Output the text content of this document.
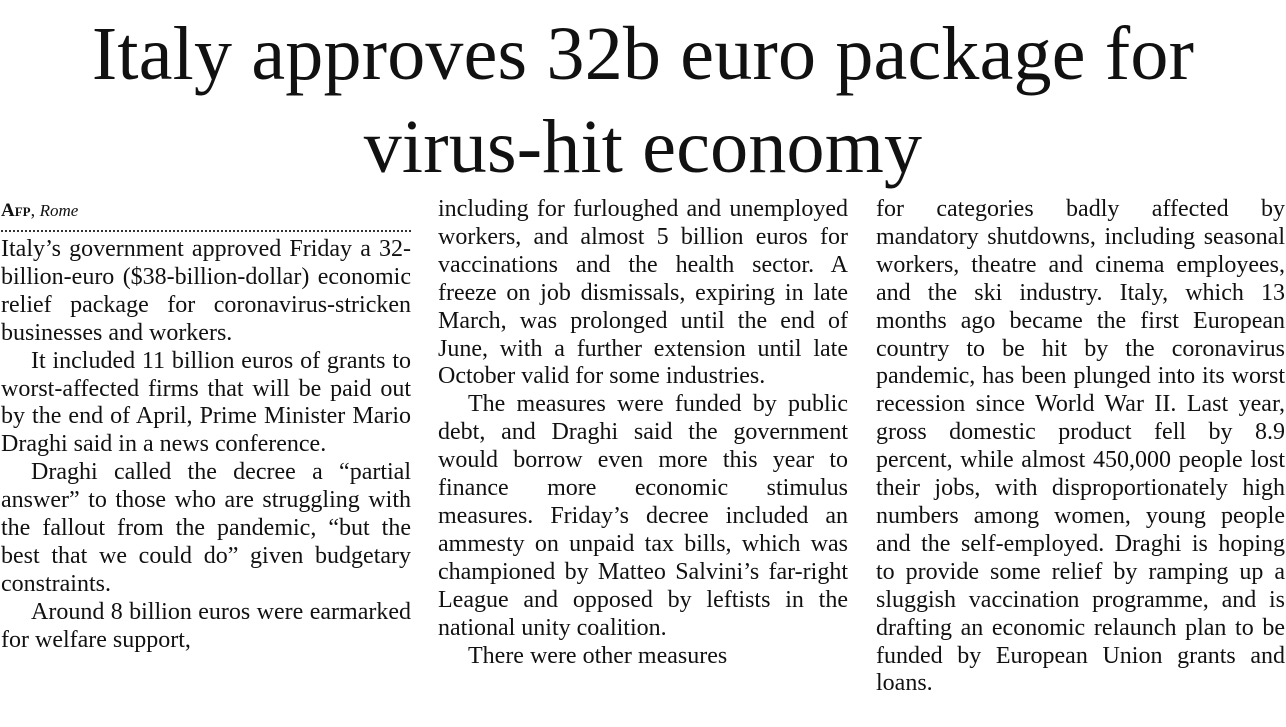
Italy approves 32b euro package for virus-hit economy
Afp, Rome

Italy’s government approved Friday a 32-billion-euro ($38-billion-dollar) economic relief package for coronavirus-stricken businesses and workers.

It included 11 billion euros of grants to worst-affected firms that will be paid out by the end of April, Prime Minister Mario Draghi said in a news conference.

Draghi called the decree a “partial answer” to those who are struggling with the fallout from the pandemic, “but the best that we could do” given budgetary constraints.

Around 8 billion euros were earmarked for welfare support,

including for furloughed and unemployed workers, and almost 5 billion euros for vaccinations and the health sector. A freeze on job dismissals, expiring in late March, was prolonged until the end of June, with a further extension until late October valid for some industries.

The measures were funded by public debt, and Draghi said the government would borrow even more this year to finance more economic stimulus measures. Friday’s decree included an ammesty on unpaid tax bills, which was championed by Matteo Salvini’s far-right League and opposed by leftists in the national unity coalition.

There were other measures

for categories badly affected by mandatory shutdowns, including seasonal workers, theatre and cinema employees, and the ski industry. Italy, which 13 months ago became the first European country to be hit by the coronavirus pandemic, has been plunged into its worst recession since World War II. Last year, gross domestic product fell by 8.9 percent, while almost 450,000 people lost their jobs, with disproportionately high numbers among women, young people and the self-employed. Draghi is hoping to provide some relief by ramping up a sluggish vaccination programme, and is drafting an economic relaunch plan to be funded by European Union grants and loans.
